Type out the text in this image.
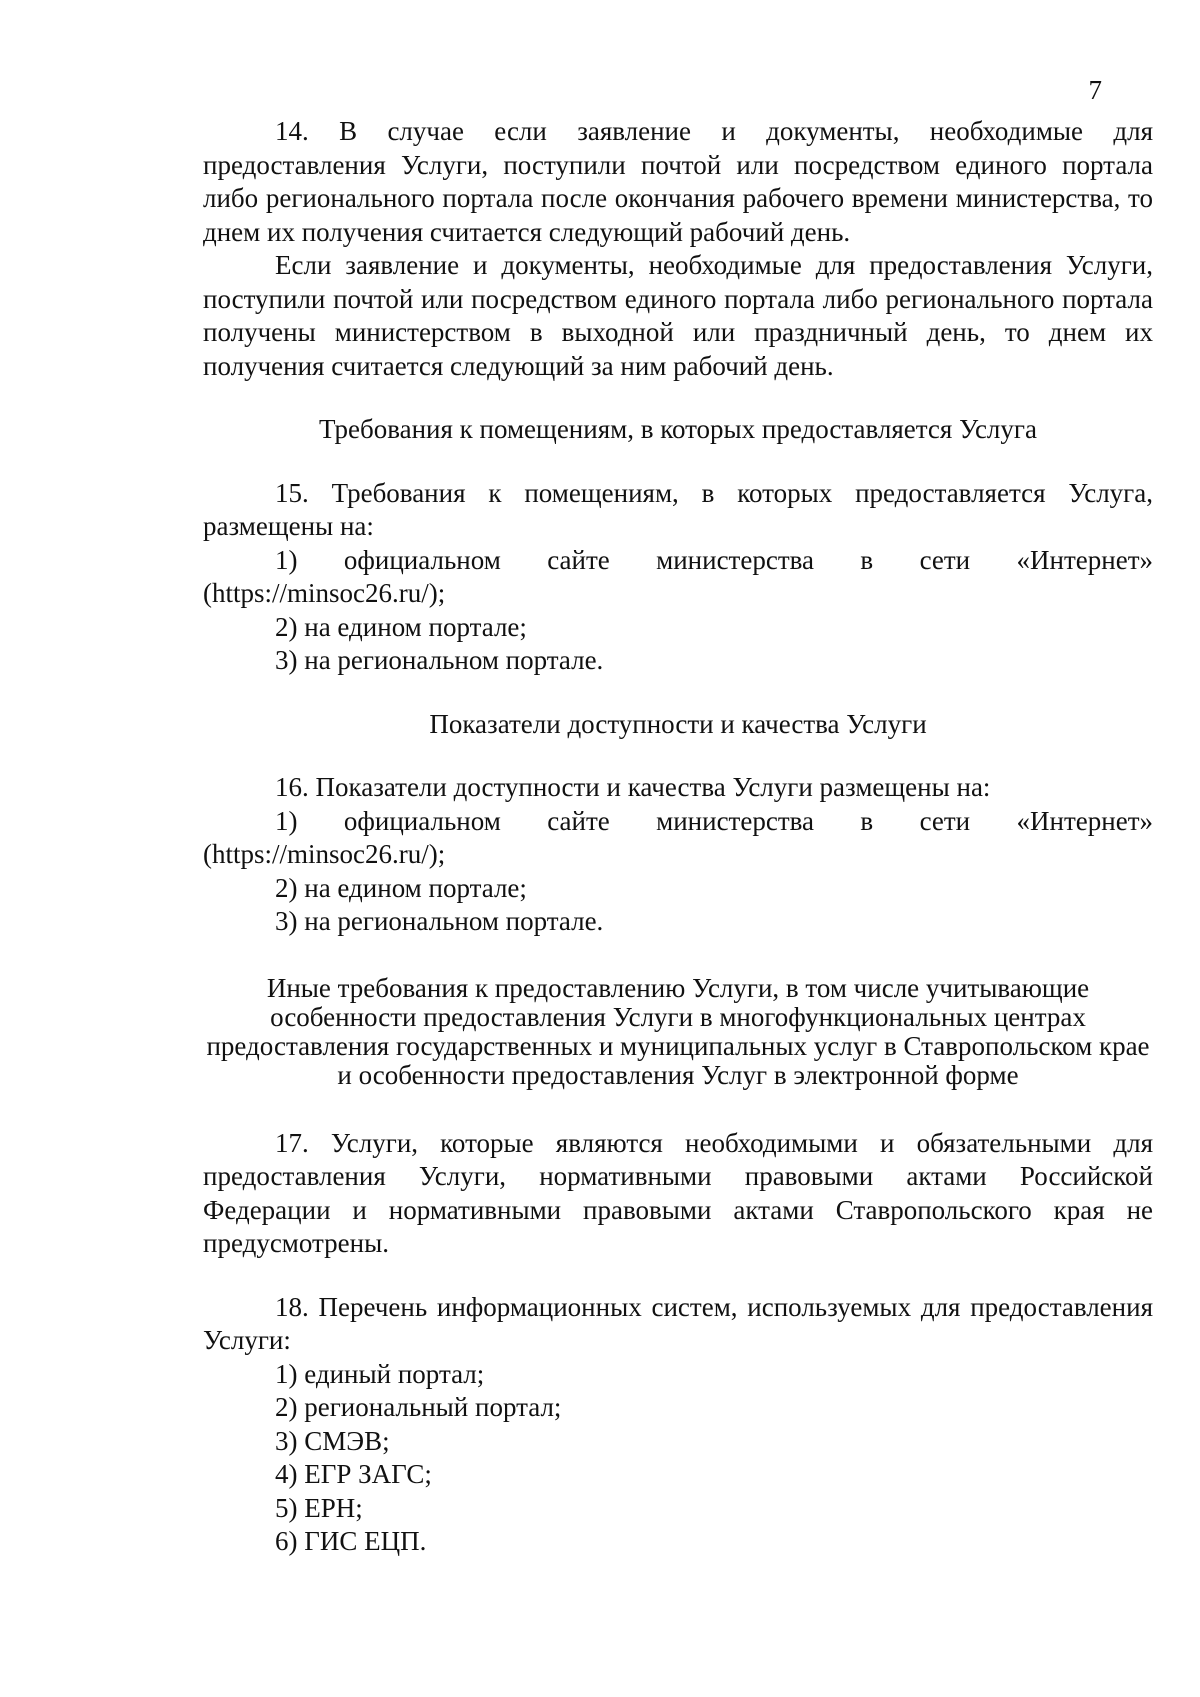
7

14. В случае если заявление и документы, необходимые для предоставления Услуги, поступили почтой или посредством единого портала либо регионального портала после окончания рабочего времени министерства, то днем их получения считается следующий рабочий день.

Если заявление и документы, необходимые для предоставления Услуги, поступили почтой или посредством единого портала либо регионального портала получены министерством в выходной или праздничный день, то днем их получения считается следующий за ним рабочий день.

Требования к помещениям, в которых предоставляется Услуга

15. Требования к помещениям, в которых предоставляется Услуга, размещены на:

1) официальном сайте министерства в сети «Интернет» (https://minsoc26.ru/);

2) на едином портале;

3) на региональном портале.

Показатели доступности и качества Услуги

16. Показатели доступности и качества Услуги размещены на:

1) официальном сайте министерства в сети «Интернет» (https://minsoc26.ru/);

2) на едином портале;

3) на региональном портале.

Иные требования к предоставлению Услуги, в том числе учитывающие особенности предоставления Услуги в многофункциональных центрах предоставления государственных и муниципальных услуг в Ставропольском крае и особенности предоставления Услуг в электронной форме

17. Услуги, которые являются необходимыми и обязательными для предоставления Услуги, нормативными правовыми актами Российской Федерации и нормативными правовыми актами Ставропольского края не предусмотрены.

18. Перечень информационных систем, используемых для предоставления Услуги:

1) единый портал;

2) региональный портал;

3) СМЭВ;

4) ЕГР ЗАГС;

5) ЕРН;

6) ГИС ЕЦП.
